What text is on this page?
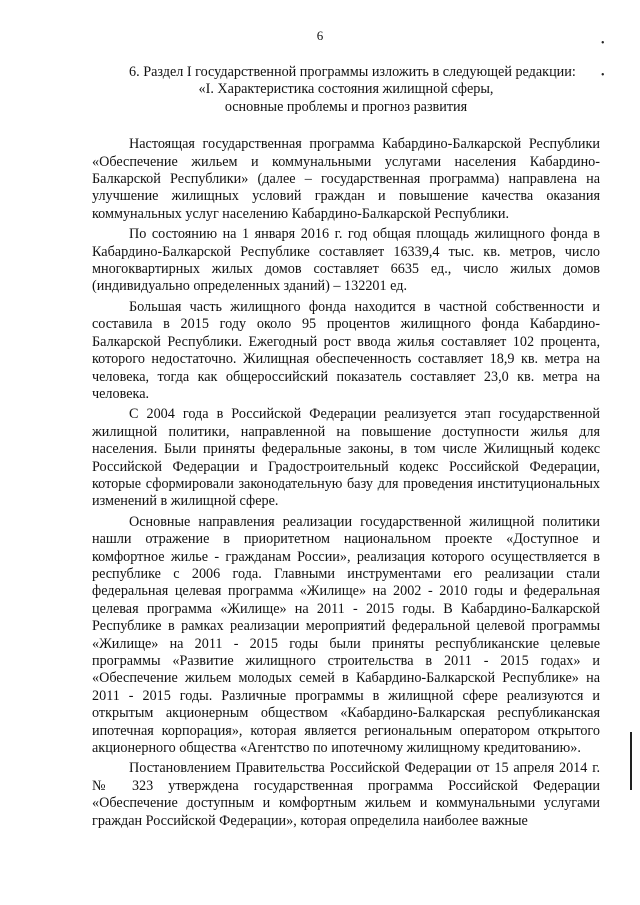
6
•
•

6. Раздел I государственной программы изложить в следующей редакции:

«I. Характеристика состояния жилищной сферы,
основные проблемы и прогноз развития

Настоящая государственная программа Кабардино-Балкарской Республики «Обеспечение жильем и коммунальными услугами населения Кабардино-Балкарской Республики» (далее – государственная программа) направлена на улучшение жилищных условий граждан и повышение качества оказания коммунальных услуг населению Кабардино-Балкарской Республики.

По состоянию на 1 января 2016 г. год общая площадь жилищного фонда в Кабардино-Балкарской Республике составляет 16339,4 тыс. кв. метров, число многоквартирных жилых домов составляет 6635 ед., число жилых домов (индивидуально определенных зданий) – 132201 ед.

Большая часть жилищного фонда находится в частной собственности и составила в 2015 году около 95 процентов жилищного фонда Кабардино-Балкарской Республики. Ежегодный рост ввода жилья составляет 102 процента, которого недостаточно. Жилищная обеспеченность составляет 18,9 кв. метра на человека, тогда как общероссийский показатель составляет 23,0 кв. метра на человека.

С 2004 года в Российской Федерации реализуется этап государственной жилищной политики, направленной на повышение доступности жилья для населения. Были приняты федеральные законы, в том числе Жилищный кодекс Российской Федерации и Градостроительный кодекс Российской Федерации, которые сформировали законодательную базу для проведения институциональных изменений в жилищной сфере.

Основные направления реализации государственной жилищной политики нашли отражение в приоритетном национальном проекте «Доступное и комфортное жилье - гражданам России», реализация которого осуществляется в республике с 2006 года. Главными инструментами его реализации стали федеральная целевая программа «Жилище» на 2002 - 2010 годы и федеральная целевая программа «Жилище» на 2011 - 2015 годы. В Кабардино-Балкарской Республике в рамках реализации мероприятий федеральной целевой программы «Жилище» на 2011 - 2015 годы были приняты республиканские целевые программы «Развитие жилищного строительства в 2011 - 2015 годах» и «Обеспечение жильем молодых семей в Кабардино-Балкарской Республике» на 2011 - 2015 годы. Различные программы в жилищной сфере реализуются и открытым акционерным обществом «Кабардино-Балкарская республиканская ипотечная корпорация», которая является региональным оператором открытого акционерного общества «Агентство по ипотечному жилищному кредитованию».

Постановлением Правительства Российской Федерации от 15 апреля 2014 г. № 323 утверждена государственная программа Российской Федерации «Обеспечение доступным и комфортным жильем и коммунальными услугами граждан Российской Федерации», которая определила наиболее важные
